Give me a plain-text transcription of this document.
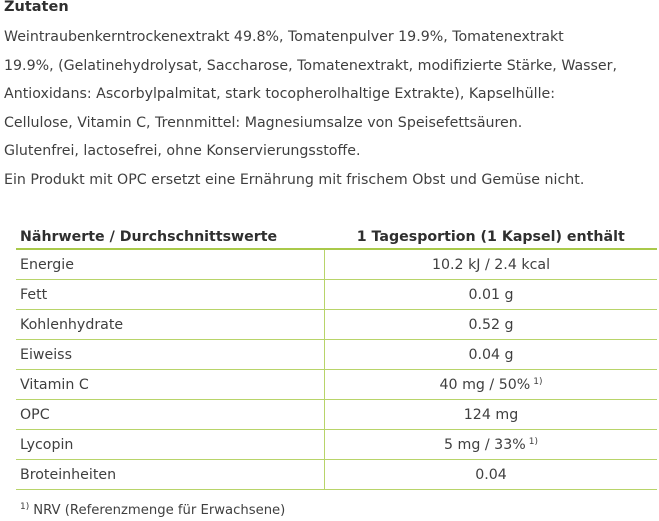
Zutaten

Weintraubenkerntrockenextrakt 49.8%, Tomatenpulver 19.9%, Tomatenextrakt
19.9%, (Gelatinehydrolysat, Saccharose, Tomatenextrakt, modifizierte Stärke, Wasser,
Antioxidans: Ascorbylpalmitat, stark tocopherolhaltige Extrakte), Kapselhülle:
Cellulose, Vitamin C, Trennmittel: Magnesiumsalze von Speisefettsäuren.
Glutenfrei, lactosefrei, ohne Konservierungsstoffe.
Ein Produkt mit OPC ersetzt eine Ernährung mit frischem Obst und Gemüse nicht.

Nährwerte / Durchschnittswerte	1 Tagesportion (1 Kapsel) enthält
Energie	10.2 kJ / 2.4 kcal
Fett	0.01 g
Kohlenhydrate	0.52 g
Eiweiss	0.04 g
Vitamin C	40 mg / 50% $^{1)}$
OPC	124 mg
Lycopin	5 mg / 33% $^{1)}$
Broteinheiten	0.04

$^{1)}$ NRV (Referenzmenge für Erwachsene)
